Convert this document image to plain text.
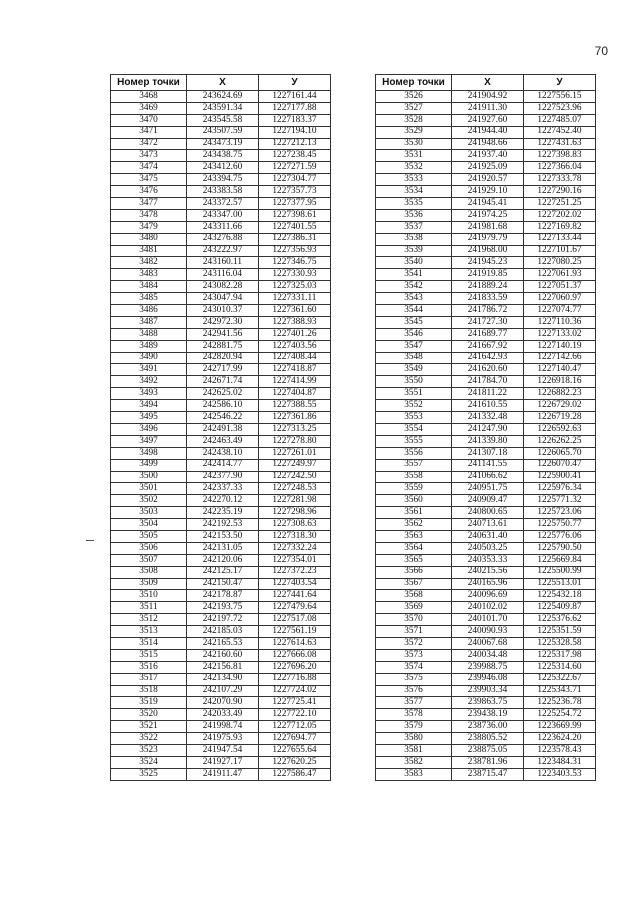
70
Номер точки	X	У
3468	243624.69	1227161.44
3469	243591.34	1227177.88
3470	243545.58	1227183.37
3471	243507.59	1227194.10
3472	243473.19	1227212.13
3473	243438.75	1227238.45
3474	243412.60	1227271.59
3475	243394.75	1227304.77
3476	243383.58	1227357.73
3477	243372.57	1227377.95
3478	243347.00	1227398.61
3479	243311.66	1227401.55
3480	243276.88	1227386.31
3481	243222.97	1227356.93
3482	243160.11	1227346.75
3483	243116.04	1227330.93
3484	243082.28	1227325.03
3485	243047.94	1227331.11
3486	243010.37	1227361.60
3487	242972.30	1227388.93
3488	242941.56	1227401.26
3489	242881.75	1227403.56
3490	242820.94	1227408.44
3491	242717.99	1227418.87
3492	242671.74	1227414.99
3493	242625.02	1227404.87
3494	242586.10	1227388.55
3495	242546.22	1227361.86
3496	242491.38	1227313.25
3497	242463.49	1227278.80
3498	242438.10	1227261.01
3499	242414.77	1227249.97
3500	242377.90	1227242.50
3501	242337.33	1227248.53
3502	242270.12	1227281.98
3503	242235.19	1227298.96
3504	242192.53	1227308.63
3505	242153.50	1227318.30
3506	242131.05	1227332.24
3507	242120.06	1227354.01
3508	242125.17	1227372.23
3509	242150.47	1227403.54
3510	242178.87	1227441.64
3511	242193.75	1227479.64
3512	242197.72	1227517.08
3513	242185.03	1227561.19
3514	242165.53	1227614.63
3515	242160.60	1227666.08
3516	242156.81	1227696.20
3517	242134.90	1227716.88
3518	242107.29	1227724.02
3519	242070.90	1227725.41
3520	242033.49	1227722.10
3521	241998.74	1227712.05
3522	241975.93	1227694.77
3523	241947.54	1227655.64
3524	241927.17	1227620.25
3525	241911.47	1227586.47
Номер точки	X	У
3526	241904.92	1227556.15
3527	241911.30	1227523.96
3528	241927.60	1227485.07
3529	241944.40	1227452.40
3530	241948.66	1227431.63
3531	241937.40	1227398.83
3532	241925.09	1227366.04
3533	241920.57	1227333.78
3534	241929.10	1227290.16
3535	241945.41	1227251.25
3536	241974.25	1227202.02
3537	241981.68	1227169.82
3538	241979.79	1227133.44
3539	241968.00	1227101.67
3540	241945.23	1227080.25
3541	241919.85	1227061.93
3542	241889.24	1227051.37
3543	241833.59	1227060.97
3544	241786.72	1227074.77
3545	241727.30	1227110.36
3546	241689.77	1227133.02
3547	241667.92	1227140.19
3548	241642.93	1227142.66
3549	241620.60	1227140.47
3550	241784.70	1226918.16
3551	241811.22	1226882.23
3552	241610.55	1226729.02
3553	241332.48	1226719.28
3554	241247.90	1226592.63
3555	241339.80	1226262.25
3556	241307.18	1226065.70
3557	241141.55	1226070.47
3558	241066.62	1225900.41
3559	240951.75	1225976.34
3560	240909.47	1225771.32
3561	240800.65	1225723.06
3562	240713.61	1225750.77
3563	240631.40	1225776.06
3564	240503.25	1225790.50
3565	240353.33	1225669.84
3566	240215.56	1225500.99
3567	240165.96	1225513.01
3568	240096.69	1225432.18
3569	240102.02	1225409.87
3570	240101.70	1225376.62
3571	240090.93	1225351.59
3572	240067.68	1225328.58
3573	240034.48	1225317.98
3574	239988.75	1225314.60
3575	239946.08	1225322.67
3576	239903.34	1225343.71
3577	239863.75	1225236.78
3578	239438.19	1225254.72
3579	238736.00	1223669.99
3580	238805.52	1223624.20
3581	238875.05	1223578.43
3582	238781.96	1223484.31
3583	238715.47	1223403.53
